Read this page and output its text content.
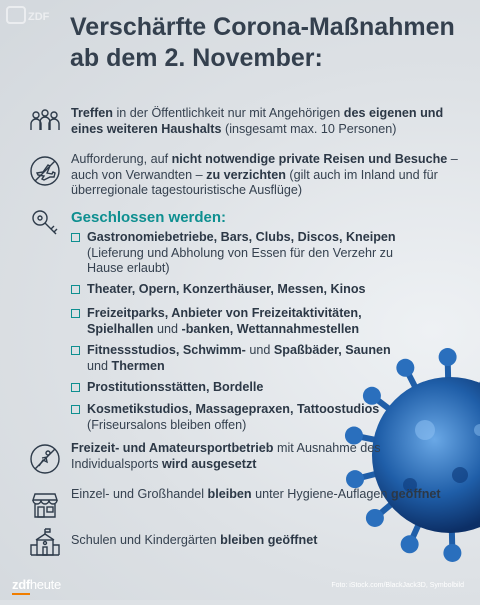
ZDF Verschärfte Corona-Maßnahmen
ab dem 2. November:
Treffen in der Öffentlichkeit nur mit Angehörigen des eigenen und eines weiteren Haushalts (insgesamt max. 10 Personen)
Aufforderung, auf nicht notwendige private Reisen und Besuche – auch von Verwandten – zu verzichten (gilt auch im Inland und für überregionale tagestouristische Ausflüge)
Geschlossen werden:
Gastronomiebetriebe, Bars, Clubs, Discos, Kneipen (Lieferung und Abholung von Essen für den Verzehr zu Hause erlaubt)
Theater, Opern, Konzerthäuser, Messen, Kinos
Freizeitparks, Anbieter von Freizeitaktivitäten, Spielhallen und -banken, Wettannahmestellen
Fitnessstudios, Schwimm- und Spaßbäder, Saunen und Thermen
Prostitutionsstätten, Bordelle
Kosmetikstudios, Massagepraxen, Tattoostudios (Friseursalons bleiben offen)
Freizeit- und Amateursportbetrieb mit Ausnahme des Individualsports wird ausgesetzt
Einzel- und Großhandel bleiben unter Hygiene-Auflagen geöffnet
Schulen und Kindergärten bleiben geöffnet
zdfheute	Foto: iStock.com/BlackJack3D, Symbolbild
